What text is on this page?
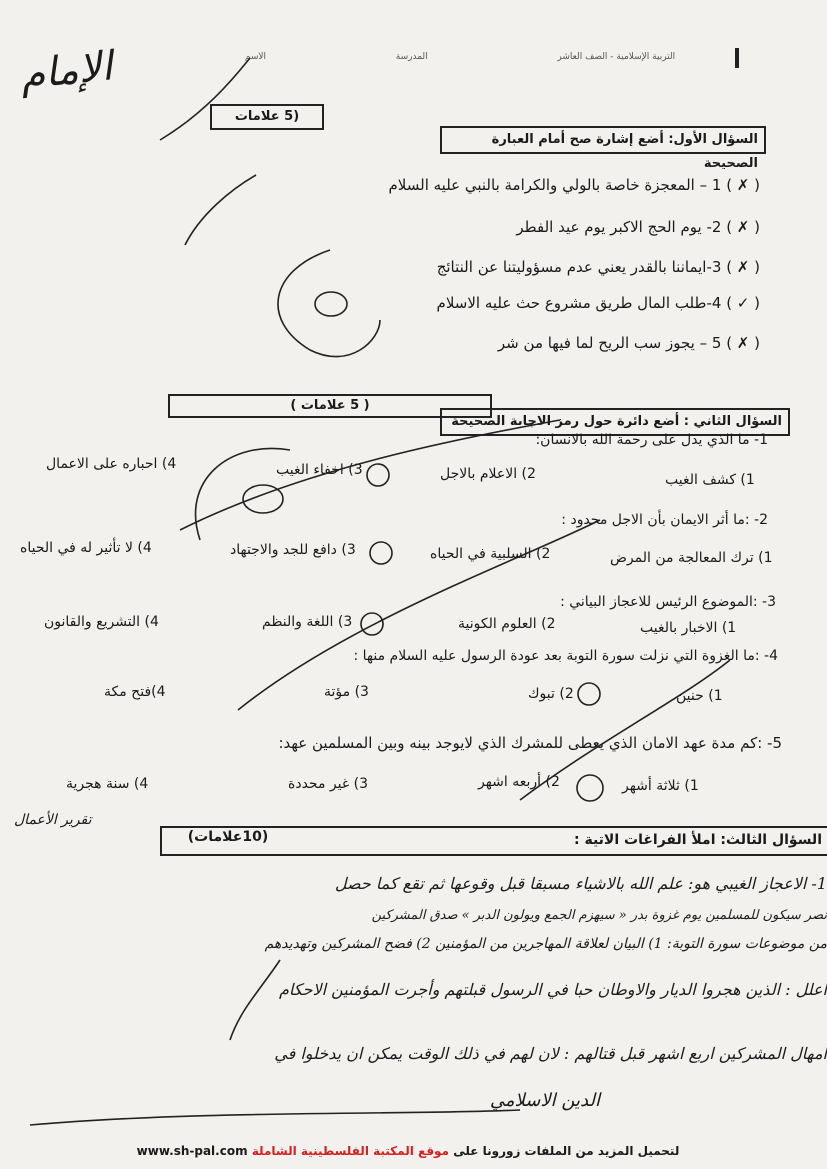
التربية الإسلامية - الصف العاشر
المدرسة
الاسم
الإمام
(5 علامات
السؤال الأول: أضع إشارة صح أمام العبارة الصحيحة
( ✗ ) 1 – المعجزة خاصة بالولي والكرامة بالنبي عليه السلام
( ✗ ) 2- يوم الحج الاكبر يوم عيد الفطر
( ✗ ) 3-ايماننا بالقدر يعني عدم مسؤوليتنا عن النتائج
( ✓ ) 4-طلب المال طريق مشروع حث عليه الاسلام
( ✗ ) 5 – يجوز سب الريح لما فيها من شر
( 5 علامات )
السؤال الثاني : أضع دائرة حول رمز الاجابة الصحيحة
1- ما الذي يدل على رحمة الله بالانسان:
1) كشف الغيب
2) الاعلام بالاجل
3) اخفاء الغيب
4) احباره على الاعمال
2- :ما أثر الايمان بأن الاجل محدود :
1) ترك المعالجة من المرض
2) السلبية في الحياه
3) دافع للجد والاجتهاد
4) لا تأثير له في الحياه
3- :الموضوع الرئيس للاعجاز البياني :
1) الاخبار بالغيب
2) العلوم الكونية
3) اللغة والنظم
4) التشريع والقانون
4- :ما الغزوة التي نزلت سورة التوبة بعد عودة الرسول عليه السلام منها :
1) حنين
2) تبوك
3) مؤتة
4)فتح مكة
5- :كم مدة عهد الامان الذي يعطى للمشرك الذي لايوجد بينه وبين المسلمين عهد:
1) ثلاثة أشهر
2) أربعه اشهر
3) غير محددة
4) سنة هجرية
تقرير الأعمال
السؤال الثالث: املأ الفراغات الاتية :
(10علامات)
1- الاعجاز الغيبي هو: علم الله بالاشياء مسبقا قبل وقوعها ثم تقع كما حصل
نصر سيكون للمسلمين يوم غزوة بدر « سيهزم الجمع ويولون الدبر » صدق المشركين
من موضوعات سورة التوبة: 1) البيان لعلاقة المهاجرين من المؤمنين 2) فضح المشركين وتهديدهم
اعلل : الذين هجروا الديار والاوطان حبا في الرسول قبلتهم وأجرت المؤمنين الاحكام
امهال المشركين اربع اشهر قبل قتالهم : لان لهم في ذلك الوقت يمكن ان يدخلوا في
الدين الاسلامي
لتحميل المزيد من الملفات زورونا على موقع المكتبة الفلسطينية الشاملة www.sh-pal.com
